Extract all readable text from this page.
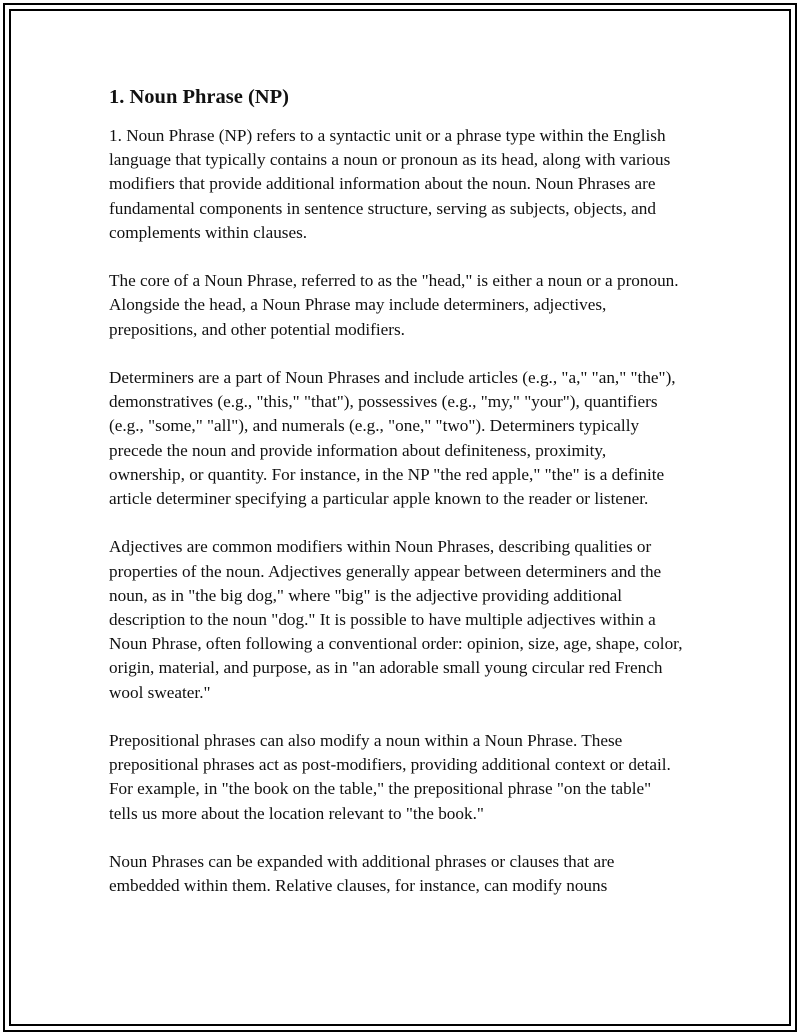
1. Noun Phrase (NP)

1. Noun Phrase (NP) refers to a syntactic unit or a phrase type within the English language that typically contains a noun or pronoun as its head, along with various modifiers that provide additional information about the noun. Noun Phrases are fundamental components in sentence structure, serving as subjects, objects, and complements within clauses.

The core of a Noun Phrase, referred to as the "head," is either a noun or a pronoun. Alongside the head, a Noun Phrase may include determiners, adjectives, prepositions, and other potential modifiers.

Determiners are a part of Noun Phrases and include articles (e.g., "a," "an," "the"), demonstratives (e.g., "this," "that"), possessives (e.g., "my," "your"), quantifiers (e.g., "some," "all"), and numerals (e.g., "one," "two"). Determiners typically precede the noun and provide information about definiteness, proximity, ownership, or quantity. For instance, in the NP "the red apple," "the" is a definite article determiner specifying a particular apple known to the reader or listener.

Adjectives are common modifiers within Noun Phrases, describing qualities or properties of the noun. Adjectives generally appear between determiners and the noun, as in "the big dog," where "big" is the adjective providing additional description to the noun "dog." It is possible to have multiple adjectives within a Noun Phrase, often following a conventional order: opinion, size, age, shape, color, origin, material, and purpose, as in "an adorable small young circular red French wool sweater."

Prepositional phrases can also modify a noun within a Noun Phrase. These prepositional phrases act as post-modifiers, providing additional context or detail. For example, in "the book on the table," the prepositional phrase "on the table" tells us more about the location relevant to "the book."

Noun Phrases can be expanded with additional phrases or clauses that are embedded within them. Relative clauses, for instance, can modify nouns
